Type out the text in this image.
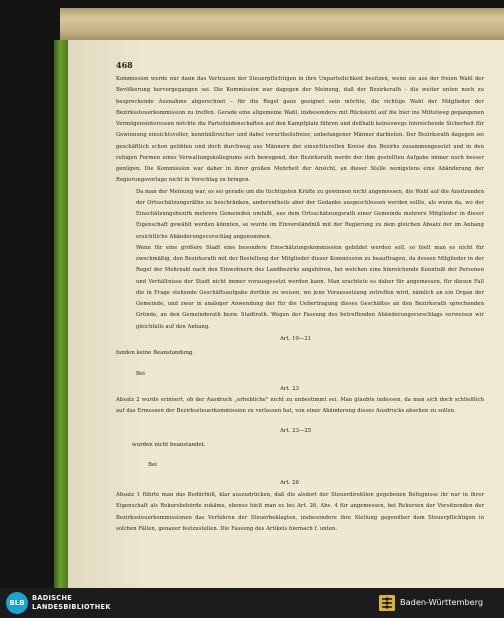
468

Kommission werde nur dann das Vertrauen der Steuerpflichtigen in ihre Unparteilichkeit besitzen, wenn sie aus der freien Wahl der Bevölkerung hervorgegangen sei. Die Kommission war dagegen der Meinung, daß der Bezirksrath – die weiter unten noch zu besprechende Ausnahme abgerechnet – für die Regel ganz geeignet sein möchte, die richtige Wahl der Mitglieder der Bezirkssteuerkommission zu treffen. Gerade eine allgemeine Wahl, insbesondere mit Rücksicht auf die hier ins Mittelweg gegangenen Vermögensinteressen möchte die Parteileidenschaften auf den Kampfplatz führen und deßhalb keineswegs hinreichende Sicherheit für Gewinnung einsichtsvoller, kenntnißreicher und dabei vorurtheilsfreier, unbefangener Männer darbieten. Der Bezirksrath dagegen sei geschäftlich schon geübten und doch durchweg aus Männern der einsichtsvollen Kreise des Bezirks zusammengesetzt und in den ruhigen Formen eines Verwaltungskollegiums sich bewegend, der Bezirksrath werde der ihm gestellten Aufgabe immer noch besser genügen. Die Kommission war daher in ihrer großen Mehrheit der Ansicht, an dieser Stelle wenigstens eine Abänderung der Regierungsvorlage nicht in Vorschlag zu bringen.

Da man der Meinung war, es sei gerade um die tüchtigsten Kräfte zu gewinnen nicht angemessen, die Wahl auf die Ansitzenden der Ortsschätzungsräthe zu beschränken, anderentheils aber der Gedanke ausgeschlossen werden sollte, als wenn da, wo der Einschätzungsbezirk mehrere Gemeinden umfaßt, aus dem Ortsschätzungsrath einer Gemeinde mehrere Mitglieder in dieser Eigenschaft gewählt werden könnten, so wurde im Einverständniß mit der Regierung zu dem gleichen Absatz der im Anhang ersichtliche Abänderungsvorschlag angenommen.

Wenn für eine größere Stadt eine besondere Einschätzungskommission gebildet werden soll, so hielt man es nicht für zweckmäßig, den Bezirksrath mit der Bestellung der Mitglieder dieser Kommission zu beauftragen, da dessen Mitglieder in der Regel der Mehrzahl nach den Einwohnern des Landbezirks angehören, bei welchen eine hinreichende Kenntniß der Personen und Verhältnisse der Stadt nicht immer vorausgesetzt werden kann. Man erachtete es daher für angemessen, für diesen Fall die in Frage stehende Geschäftsaufgabe dorthin zu weisen, wo jene Voraussetzung zutreffen wird, nämlich an ein Organ der Gemeinde, und zwar in analoger Anwendung der für die Uebertragung dieses Geschäftes an den Bezirksrath sprechenden Gründe, an den Gemeinderath bezw. Stadtrath. Wegen der Fassung des betreffenden Abänderungsvorschlags verweisen wir gleichfalls auf den Anhang.

Art. 19—21
fanden keine Beanstandung.
Bei
Art. 23

Absatz 2 wurde erinnert, ob der Ausdruck „erhebliche" nicht zu unbestimmt sei. Man glaubte indessen, da man sich doch schließlich auf das Ermessen der Bezirkssteuerkommission zu verlassen hat, von einer Abänderung dieses Ausdrucks absehen zu sollen.

Art. 23—25
wurden nicht beanstandet.
Bei
Art. 26

Absatz 1 führte man das Bedürfniß, klar auszudrücken, daß die alsdort der Steuerdirektion gegebenen Befugnisse ihr nur in ihrer Eigenschaft als Rekursbehörde zukäme, ebenso hielt man es bei Art. 26, Abs. 4 für angemessen, bei Rekursen der Vorsitzenden der Bezirkssteuerkommissionen das Verfahren der Steuerbeklagten, insbesondere ihre Stellung gegenüber dem Steuerpflichtigen in solchen Fällen, genauer festzustellen. Die Fassung des Artikels hiernach f. unten.

BLB
BADISCHE
LANDESBIBLIOTHEK	Baden-Württemberg
